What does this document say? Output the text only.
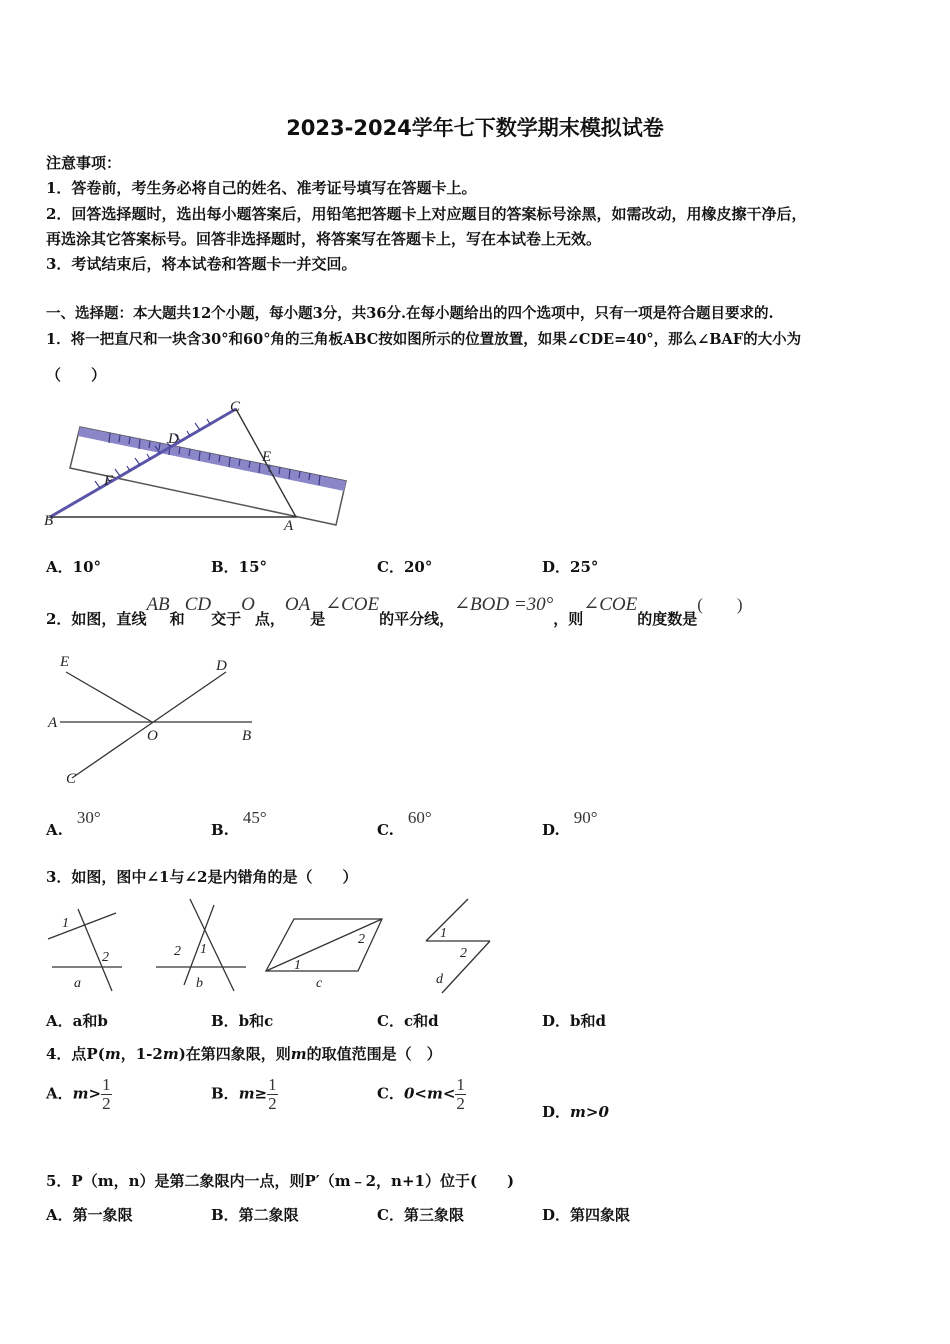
2023-2024学年七下数学期末模拟试卷
注意事项：
1．答卷前，考生务必将自己的姓名、准考证号填写在答题卡上。
2．回答选择题时，选出每小题答案后，用铅笔把答题卡上对应题目的答案标号涂黑，如需改动，用橡皮擦干净后，
再选涂其它答案标号。回答非选择题时，将答案写在答题卡上，写在本试卷上无效。
3．考试结束后，将本试卷和答题卡一并交回。
一、选择题：本大题共12个小题，每小题3分，共36分.在每小题给出的四个选项中，只有一项是符合题目要求的.
1．将一把直尺和一块含30°和60°角的三角板ABC按如图所示的位置放置，如果∠CDE=40°，那么∠BAF的大小为
（　　）
C
D
E
F
B	A
A．10°	B．15°	C．20°	D．25°
2．如图，直线AB和CD交于O点，OA是∠COE的平分线，∠BOD =30°，则∠COE的度数是(　　)
E	D
A
O	B
C
A.30°
B.45°
C.60°
D.90°
3．如图，图中∠1与∠2是内错角的是（　　）
1
2
a
2 1
b
2
1
c
1
2
d
A．a和b	B．b和c	C．c和d	D．b和d
4．点P(m，1-2m)在第四象限，则m的取值范围是（　）
A．$m> \frac{1}{2}$	B．$m\ge \frac{1}{2}$	C．$0<m< \frac{1}{2}$	D．m>0
5．P（m，n）是第二象限内一点，则P′（m﹣2，n+1）位于(　　)
A．第一象限	B．第二象限	C．第三象限	D．第四象限
